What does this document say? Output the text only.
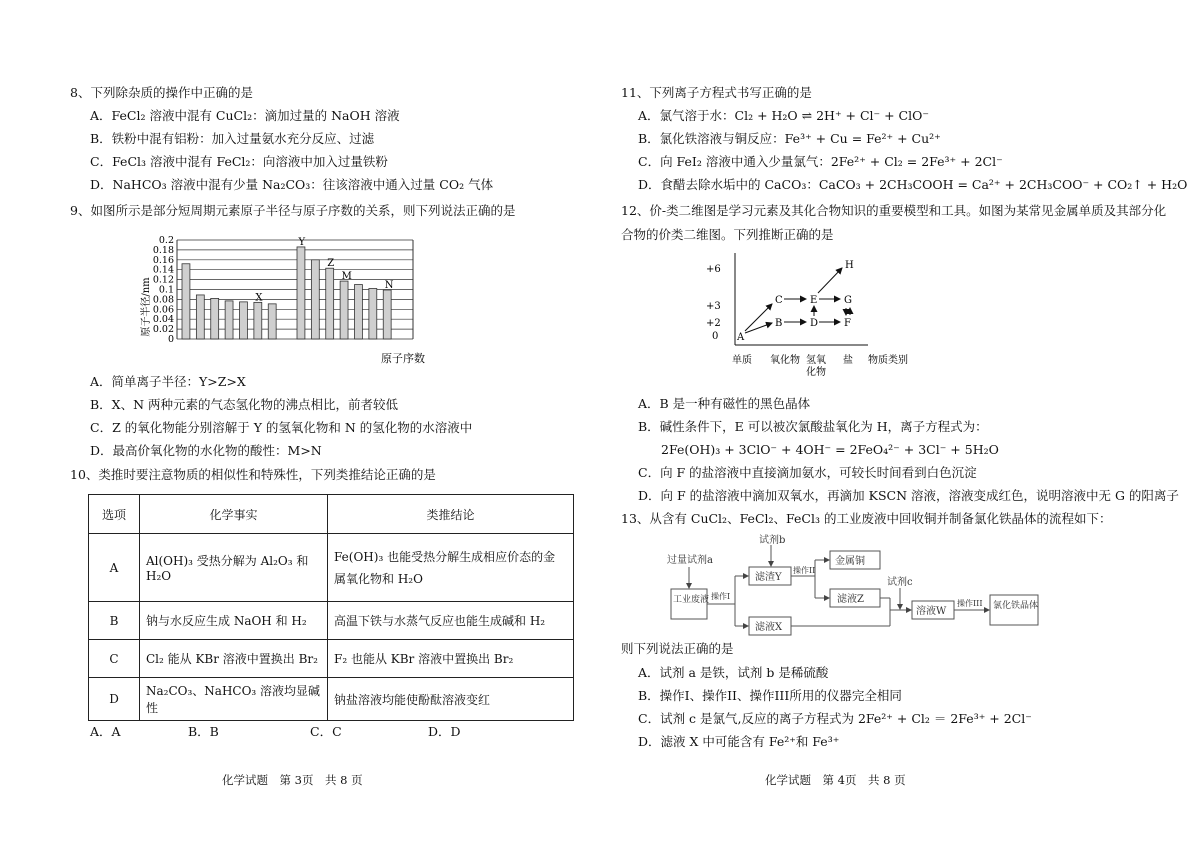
8、下列除杂质的操作中正确的是
A．FeCl₂ 溶液中混有 CuCl₂：滴加过量的 NaOH 溶液
B．铁粉中混有铝粉：加入过量氨水充分反应、过滤
C．FeCl₃ 溶液中混有 FeCl₂：向溶液中加入过量铁粉
D．NaHCO₃ 溶液中混有少量 Na₂CO₃：往该溶液中通入过量 CO₂ 气体
9、如图所示是部分短周期元素原子半径与原子序数的关系，则下列说法正确的是
0.2
0.18
0.16
0.14
0.12
0.1
0.08
0.06
0.04
0.02
0
X
Y
Z
M
N
原子半径/nm
原子序数
A．简单离子半径：Y>Z>X
B．X、N 两种元素的气态氢化物的沸点相比，前者较低
C．Z 的氧化物能分别溶解于 Y 的氢氧化物和 N 的氢化物的水溶液中
D．最高价氧化物的水化物的酸性：M>N
10、类推时要注意物质的相似性和特殊性，下列类推结论正确的是
选项	化学事实	类推结论
A	Al(OH)₃ 受热分解为 Al₂O₃ 和 H₂O	Fe(OH)₃ 也能受热分解生成相应价态的金属氧化物和 H₂O
B	钠与水反应生成 NaOH 和 H₂	高温下铁与水蒸气反应也能生成碱和 H₂
C	Cl₂ 能从 KBr 溶液中置换出 Br₂	F₂ 也能从 KBr 溶液中置换出 Br₂
D	Na₂CO₃、NaHCO₃ 溶液均显碱性	钠盐溶液均能使酚酞溶液变红
A．A	B．B	C．C	D．D
化学试题　第 3页　共 8 页
11、下列离子方程式书写正确的是
A．氯气溶于水：Cl₂ + H₂O ⇌ 2H⁺ + Cl⁻ + ClO⁻
B．氯化铁溶液与铜反应：Fe³⁺ + Cu = Fe²⁺ + Cu²⁺
C．向 FeI₂ 溶液中通入少量氯气：2Fe²⁺ + Cl₂ = 2Fe³⁺ + 2Cl⁻
D．食醋去除水垢中的 CaCO₃：CaCO₃ + 2CH₃COOH = Ca²⁺ + 2CH₃COO⁻ + CO₂↑ + H₂O
12、价-类二维图是学习元素及其化合物知识的重要模型和工具。如图为某常见金属单质及其部分化
合物的价类二维图。下列推断正确的是
+6
+3
+2
0
单质 氧化物 氢氧
化物
盐 物质类别
A
B
C
D
E
F
G
H
A．B 是一种有磁性的黑色晶体
B．碱性条件下，E 可以被次氯酸盐氧化为 H，离子方程式为：
2Fe(OH)₃ + 3ClO⁻ + 4OH⁻ = 2FeO₄²⁻ + 3Cl⁻ + 5H₂O
C．向 F 的盐溶液中直接滴加氨水，可较长时间看到白色沉淀
D．向 F 的盐溶液中滴加双氧水，再滴加 KSCN 溶液，溶液变成红色，说明溶液中无 G 的阳离子
13、从含有 CuCl₂、FeCl₂、FeCl₃ 的工业废液中回收铜并制备氯化铁晶体的流程如下：
工业废液
滤渣Y
滤液X
金属铜
滤液Z
溶液W	氯化铁晶体
过量试剂a
操作I
试剂b
操作II
试剂c
操作III
则下列说法正确的是
A．试剂 a 是铁，试剂 b 是稀硫酸
B．操作I、操作II、操作III所用的仪器完全相同
C．试剂 c 是氯气,反应的离子方程式为 2Fe²⁺ + Cl₂ ＝ 2Fe³⁺ + 2Cl⁻
D．滤液 X 中可能含有 Fe²⁺和 Fe³⁺
化学试题　第 4页　共 8 页
